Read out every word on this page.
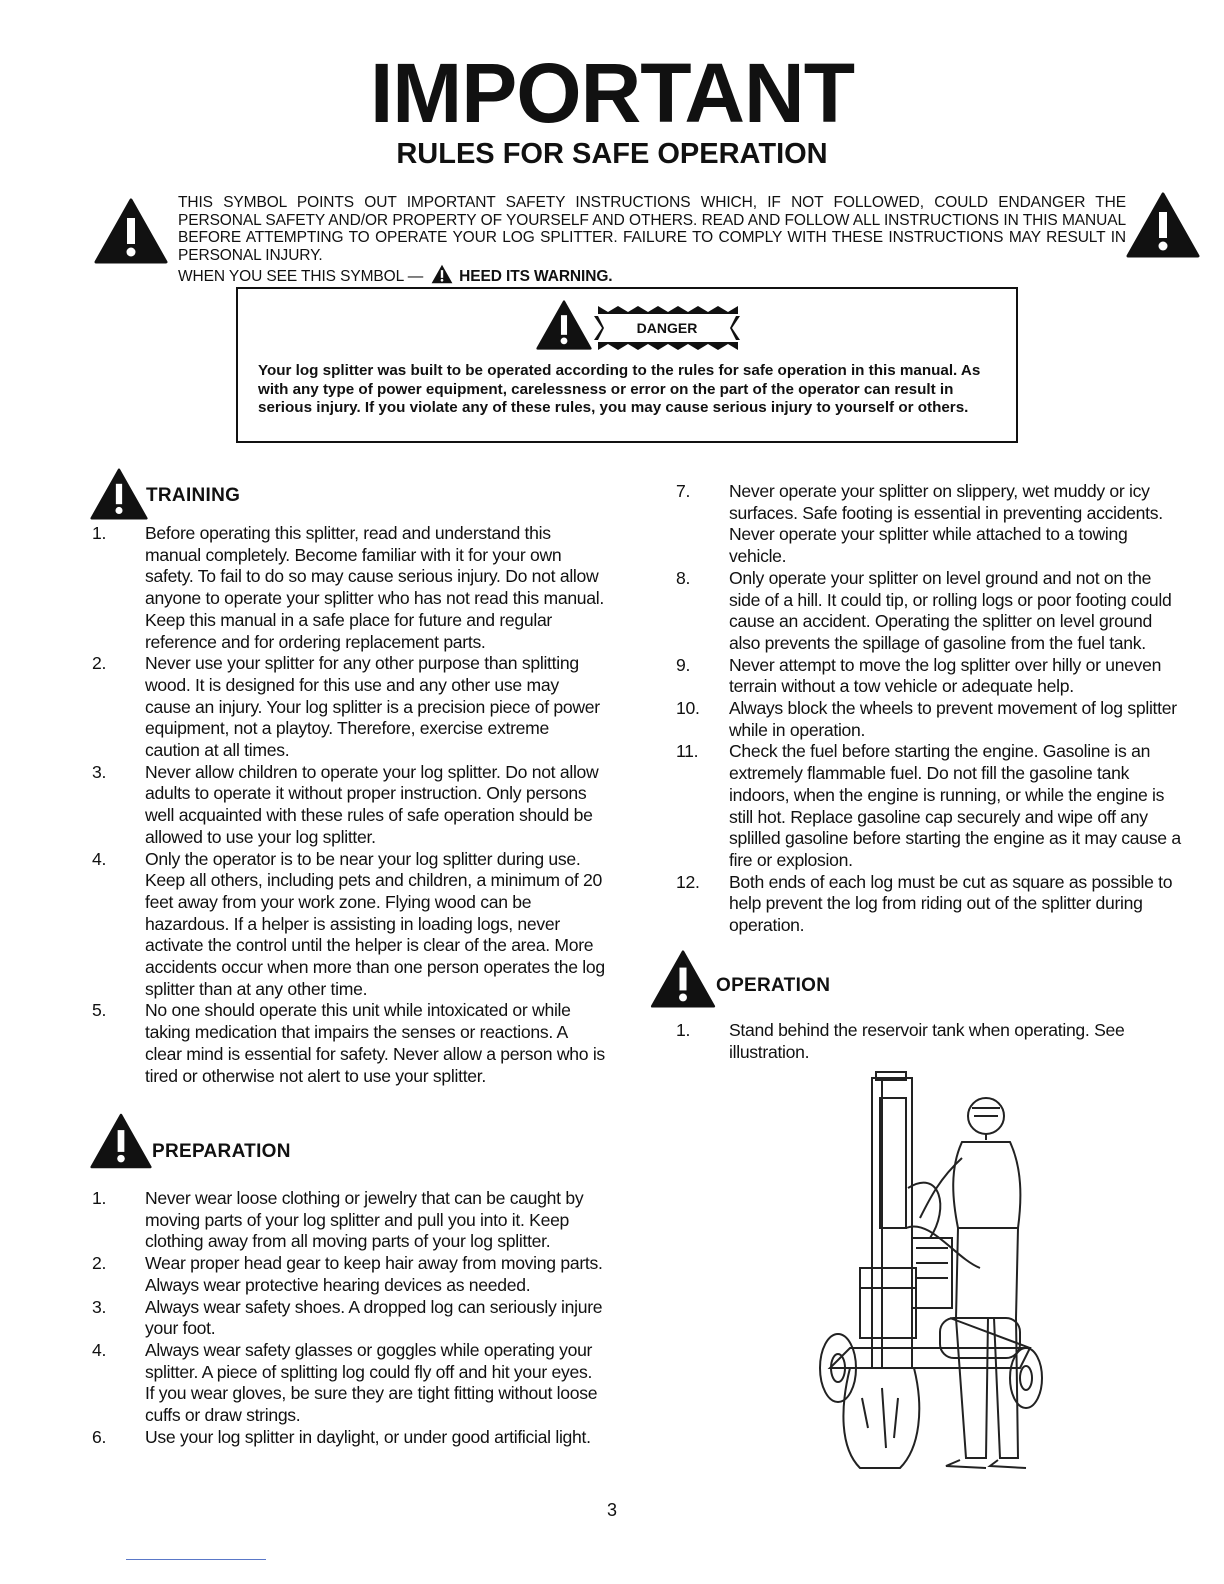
IMPORTANT
RULES FOR SAFE OPERATION
THIS SYMBOL POINTS OUT IMPORTANT SAFETY INSTRUCTIONS WHICH, IF NOT FOLLOWED, COULD ENDANGER THE PERSONAL SAFETY AND/OR PROPERTY OF YOURSELF AND OTHERS. READ AND FOLLOW ALL INSTRUCTIONS IN THIS MANUAL BEFORE ATTEMPTING TO OPERATE YOUR LOG SPLITTER. FAILURE TO COMPLY WITH THESE INSTRUCTIONS MAY RESULT IN PERSONAL INJURY.
WHEN YOU SEE THIS SYMBOL — HEED ITS WARNING.
DANGER
Your log splitter was built to be operated according to the rules for safe operation in this manual. As with any type of power equipment, carelessness or error on the part of the operator can result in serious injury. If you violate any of these rules, you may cause serious injury to yourself or others.
TRAINING
1.	Before operating this splitter, read and understand this manual completely. Become familiar with it for your own safety. To fail to do so may cause serious injury. Do not allow anyone to operate your splitter who has not read this manual. Keep this manual in a safe place for future and regular reference and for ordering replacement parts.
2.	Never use your splitter for any other purpose than splitting wood. It is designed for this use and any other use may cause an injury. Your log splitter is a precision piece of power equipment, not a playtoy. Therefore, exercise extreme caution at all times.
3.	Never allow children to operate your log splitter. Do not allow adults to operate it without proper instruction. Only persons well acquainted with these rules of safe operation should be allowed to use your log splitter.
4.	Only the operator is to be near your log splitter during use. Keep all others, including pets and children, a minimum of 20 feet away from your work zone. Flying wood can be hazardous. If a helper is assisting in loading logs, never activate the control until the helper is clear of the area. More accidents occur when more than one person operates the log splitter than at any other time.
5.	No one should operate this unit while intoxicated or while taking medication that impairs the senses or reactions. A clear mind is essential for safety. Never allow a person who is tired or otherwise not alert to use your splitter.
PREPARATION
1.	Never wear loose clothing or jewelry that can be caught by moving parts of your log splitter and pull you into it. Keep clothing away from all moving parts of your log splitter.
2.	Wear proper head gear to keep hair away from moving parts. Always wear protective hearing devices as needed.
3.	Always wear safety shoes. A dropped log can seriously injure your foot.
4.	Always wear safety glasses or goggles while operating your splitter. A piece of splitting log could fly off and hit your eyes.
If you wear gloves, be sure they are tight fitting without loose cuffs or draw strings.
6.	Use your log splitter in daylight, or under good artificial light.
7.	Never operate your splitter on slippery, wet muddy or icy surfaces. Safe footing is essential in preventing accidents. Never operate your splitter while attached to a towing vehicle.
8.	Only operate your splitter on level ground and not on the side of a hill. It could tip, or rolling logs or poor footing could cause an accident. Operating the splitter on level ground also prevents the spillage of gasoline from the fuel tank.
9.	Never attempt to move the log splitter over hilly or uneven terrain without a tow vehicle or adequate help.
10.	Always block the wheels to prevent movement of log splitter while in operation.
11.	Check the fuel before starting the engine. Gasoline is an extremely flammable fuel. Do not fill the gasoline tank indoors, when the engine is running, or while the engine is still hot. Replace gasoline cap securely and wipe off any splilled gasoline before starting the engine as it may cause a fire or explosion.
12.	Both ends of each log must be cut as square as possible to help prevent the log from riding out of the splitter during operation.
OPERATION
1.	Stand behind the reservoir tank when operating. See illustration.
3
